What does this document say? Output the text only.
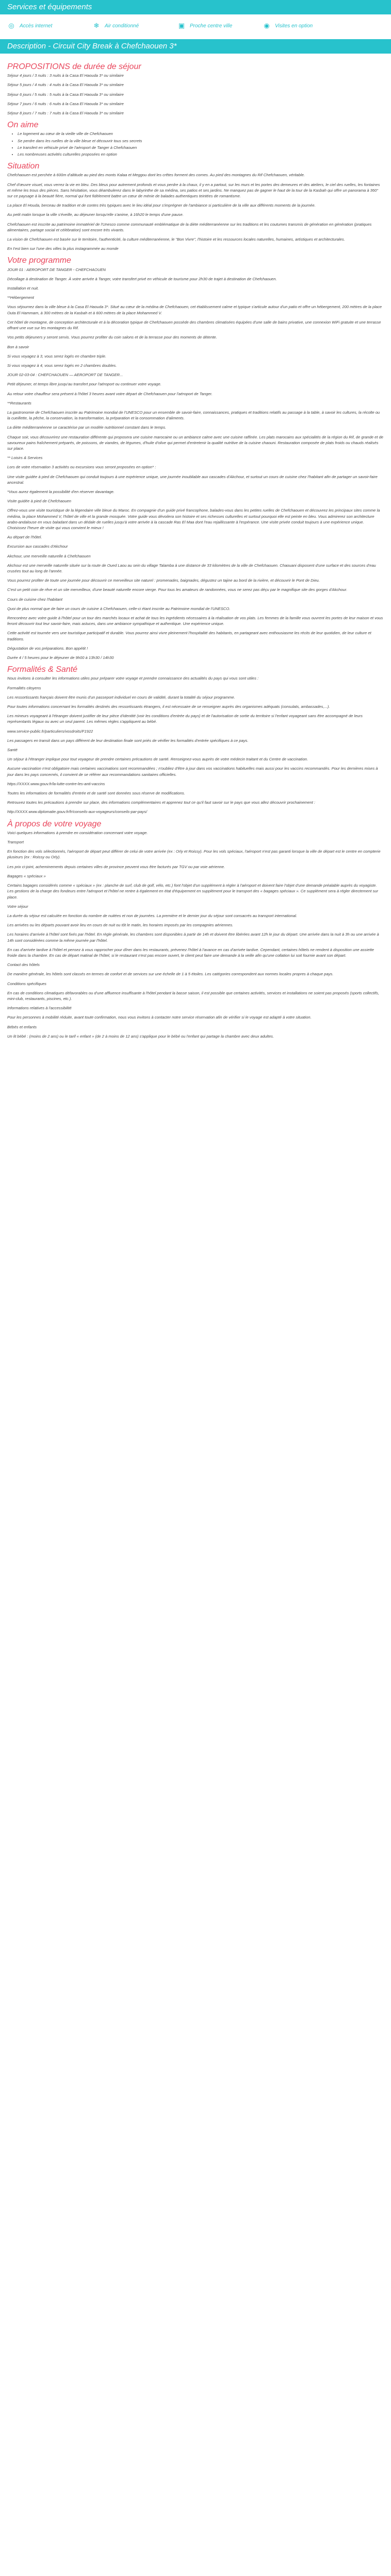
Services et équipements
◎ Accès internet	❄ Air conditionné	▣ Proche centre ville	◉ Visites en option
Description - Circuit City Break à Chefchaouen 3*
PROPOSITIONS de durée de séjour

Séjour 4 jours / 3 nuits : 3 nuits à la Casa El Haouda 3* ou similaire

Séjour 5 jours / 4 nuits : 4 nuits à la Casa El Haouda 3* ou similaire

Séjour 6 jours / 5 nuits : 5 nuits à la Casa El Haouda 3* ou similaire

Séjour 7 jours / 6 nuits : 6 nuits à la Casa El Haouda 3* ou similaire

Séjour 8 jours / 7 nuits : 7 nuits à la Casa El Haouda 3* ou similaire

On aime
• Le logement au cœur de la vieille ville de Chefchaouen
• Se perdre dans les ruelles de la ville bleue et découvrir tous ses secrets
• Le transfert en véhicule privé de l'aéroport de Tanger à Chefchaouen
• Les nombreuses activités culturelles proposées en option
Situation

Chefchaouen est perchée à 600m d'altitude au pied des monts Kalaa et Meggou dont les crêtes forment des cornes. Au pied des montagnes du Rif Chefchaouen, véritable.

Chef d'œuvre visuel, vous verrez la vie en bleu. Des bleus pour autrement profonds et vous perdre à la chaux, il y en a partout, sur les murs et les portes des demeures et des ateliers, le ciel des ruelles, les fontaines et même les trous des pièces. Sans hésitation, vous déambulerez dans le labyrinthe de sa médina, ses patios et ses jardins. Ne manquez pas de gagner le haut de la tour de la Kasbah qui offre un panorama à 360° sur ce paysage à la beauté fière, normal qui font fidèlement battre un cœur de ménie de balades authentiques teintées de romantisme.

La place El Houda, berceau de tradition et de contes très typiques avec le lieu idéal pour s'imprégner de l'ambiance si particulière de la ville aux différents moments de la journée.

Au petit matin lorsque la ville s'éveille, au déjeuner lorsqu'elle s'anime, à 16h20 le temps d'une pause.

Chefchaouen est inscrite au patrimoine immatériel de l'Unesco comme communauté emblématique de la diète méditerranéenne sur les traditions et les coutumes transmis de génération en génération (pratiques alimentaires, partage social et célébration) sont encore très vivants.

La vision de Chefchaouen est basée sur le territoire, l'authenticité, la culture méditerranéenne, le "Bon Vivre", l'histoire et les ressources locales naturelles, humaines, artistiques et architecturales.

En t'est bien sur l'une des villes la plus instagrammée au monde

Votre programme

JOUR 01 : AEROPORT DE TANGER - CHEFCHAOUEN

Décollage à destination de Tanger. À votre arrivée à Tanger, votre transfert privé en véhicule de tourisme pour 2h30 de trajet à destination de Chefchaouen.

Installation et nuit.

**Hébergement

Vous séjournez dans la ville bleue à la Casa El Haouda 3*. Situé au cœur de la médina de Chefchaouen, cet établissement calme et typique s'articule autour d'un patio et offre un hébergement, 200 mètres de la place Outa El Hammam, à 300 mètres de la Kasbah et à 600 mètres de la place Mohammed V.

Cet hôtel de montagne, de conception architecturale et à la décoration typique de Chefchaouen possède des chambres climatisées équipées d'une salle de bains privative, une connexion WiFi gratuite et une terrasse offrant une vue sur les montagnes du Rif.

Vos petits déjeuners y seront servis. Vous pourrez profiter du coin salons et de la terrasse pour des moments de détente.

Bon à savoir

Si vous voyagez à 3, vous serez logés en chambre triple.

Si vous voyagez à 4, vous serez logés en 2 chambres doubles.

JOUR 02-03-04 : CHEFCHAOUEN — AEROPORT DE TANGER...

Petit déjeuner, et temps libre jusqu'au transfert pour l'aéroport ou continuer votre voyage.

Au retour votre chauffeur sera présent à l'hôtel 3 heures avant votre départ de Chefchaouen pour l'aéroport de Tanger.

**Restaurants

La gastronomie de Chefchaouen inscrite au Patrimoine mondial de l'UNESCO pour un ensemble de savoir-faire, connaissances, pratiques et traditions relatifs au passage à la table, à savoir les cultures, la récolte ou la cueillette, la pêche, la conservation, la transformation, la préparation et la consommation d'aliments.

La diète méditerranéenne se caractérise par un modèle nutritionnel constant dans le temps.

Chaque soir, vous découvrirez une restauration différente qui proposera une cuisine marocaine ou un ambiance calme avec une cuisine raffinée. Les plats marocains aux spécialités de la région du Rif, de grande et de savoureux pains fraîchement préparés, de poissons, de viandes, de légumes, d'huile d'olive qui permet d'entretenir la qualité nutritive de la cuisine chaouni. Restauration composée de plats froids ou chauds réalisés sur place.

** Loisirs & Services

Lors de votre réservation 3 activités ou excursions vous seront proposées en option* :

Une visite guidée à pied de Chefchaouen qui conduit toujours à une expérience unique, une journée inoubliable aux cascades d'Akchour, et surtout un cours de cuisine chez l'habitant afin de partager un savoir-faire ancestral.

*Vous aurez également la possibilité d'en réserver davantage.

Visite guidée à pied de Chefchaouen

Offrez-vous une visite touristique de la légendaire ville bleue du Maroc. En compagnie d'un guide privé francophone, balades-vous dans les petites ruelles de Chefchaouen et découvrez les principaux sites comme la médina, la place Mohammed V, l'hôtel de ville et la grande mosquée. Votre guide vous dévoilera son histoire et ses richesses culturelles et surtout pourquoi elle est peinte en bleu. Vous admirerez son architecture arabo-andalouse en vous baladant dans un dédale de ruelles jusqu'à votre arrivée à la cascade Ras El Maa dont l'eau rejaillissante à l'espérance. Une visite privée conduit toujours à une expérience unique. Choisissez l'heure de visite qui vous convient le mieux !

Au départ de l'hôtel.

Excursion aux cascades d'Akchour

Akchour, une merveille naturelle à Chefchaouen

Akchour est une merveille naturelle située sur la route de Oued Laou au sein du village Talamba à une distance de 33 kilomètres de la ville de Chefchaouen. Chaouani disposent d'une surface et des sources d'eau crusées tout au long de l'année.

Vous pourrez profiter de toute une journée pour découvrir ce merveilleux site naturel : promenades, baignades, dégustez un tajine au bord de la rivière, et découvrir le Pont de Dieu.

C'est un petit coin de rêve et un site merveilleux, d'une beauté naturelle encore vierge. Pour tous les amateurs de randonnées, vous ne serez pas déçu par le magnifique site des gorges d'Akchour.

Cours de cuisine chez l'habitant

Quoi de plus normal que de faire un cours de cuisine à Chefchaouen, celle-ci étant inscrite au Patrimoine mondial de l'UNESCO.

Rencontrez avec votre guide à l'hôtel pour un tour des marchés locaux et achat de tous les ingrédients nécessaires à la réalisation de vos plats. Les femmes de la famille vous ouvrent les portes de leur maison et vous feront découvrir tout leur savoir-faire, mais astuces, dans une ambiance sympathique et authentique. Une expérience unique.

Cette activité est tournée vers une touristique participatif et durable. Vous pourrez ainsi vivre pleinement l'hospitalité des habitants, en partageant avec enthousiasme les récits de leur quotidien, de leur culture et traditions.

Dégustation de vos préparations. Bon appétit !

Durée 4 / 5 heures pour le déjeuner de 9h00 à 13h30 / 14h30

Formalités & Santé

Nous invitons à consulter les informations utiles pour préparer votre voyage et prendre connaissance des actualités du pays qui vous sont utiles :

Formalités citoyens

Les ressortissants français doivent être munis d'un passeport individuel en cours de validité, durant la totalité du séjour programme.

Pour toutes informations concernant les formalités destinés des ressortissants étrangers, il est nécessaire de se renseigner auprès des organismes adéquats (consulats, ambassades,...).

Les mineurs voyageant à l'étranger doivent justifier de leur pièce d'identité (voir les conditions d'entrée du pays) et de l'autorisation de sortie du territoire si l'enfant voyageant sans être accompagné de leurs représentants légaux ou avec un seul parent. Les mêmes règles s'appliquent au bébé.

www.service-public.fr/particuliers/vosdroits/F1922

Les passagers en transit dans un pays différent de leur destination finale sont priés de vérifier les formalités d'entrée spécifiques à ce pays.

Santé

Un séjour à l'étranger implique pour tout voyageur de prendre certaines précautions de santé. Renseignez-vous auprès de votre médecin traitant et du Centre de vaccination.

Aucune vaccination n'est obligatoire mais certaines vaccinations sont recommandées ; n'oubliez d'être à jour dans vos vaccinations habituelles mais aussi pour les vaccins recommandés. Pour les dernières mises à jour dans les pays concernés, il convient de se référer aux recommandations sanitaires officielles.

https://XXXX.www.gouv.fr/la-lutte-contre-les-anti-vaccins

Toutes les informations de formalités d'entrée et de santé sont données sous réserve de modifications.

Retrouvez toutes les précautions à prendre sur place, des informations complémentaires et apprenez tout ce qu'il faut savoir sur le pays que vous allez découvrir prochainement :

http://XXXX.www.diplomatie.gouv.fr/fr/conseils-aux-voyageurs/conseils-par-pays/

À propos de votre voyage

Voici quelques informations à prendre en considération concernant votre voyage.

Transport

En fonction des vols sélectionnés, l'aéroport de départ peut différer de celui de votre arrivée (ex : Orly et Roissy). Pour les vols spéciaux, l'aéroport n'est pas garanti lorsque la ville de départ est le centre en compterie plusieurs (ex : Roissy ou Orly).

Les prix ci-joint, acheminements depuis certaines villes de province peuvent vous être facturés par TGV ou par voie aérienne.

Bagages « spéciaux »

Certains bagages considérés comme « spéciaux » (ex : planche de surf, club de golf, vélo, etc.) font l'objet d'un supplément à régler à l'aéroport et doivent faire l'objet d'une demande préalable auprès du voyagiste. Les gestions de la charge des fondeurs entre l'aéroport et l'hôtel ne rentre à également en état d'équipement en supplément pour le transport des « bagages spéciaux ». Ce supplément sera à régler directement sur place.

Votre séjour

La durée du séjour est calculée en fonction du nombre de nuitées et non de journées. La première et le dernier jour du séjour sont consacrés au transport international.

Les arrivées ou les départs pouvant avoir lieu en cours de nuit ou tôt le matin, les horaires imposés par les compagnies aériennes.

Les horaires d'arrivée à l'hôtel sont fixés par l'hôtel. En règle générale, les chambres sont disponibles à partir de 14h et doivent être libérées avant 12h le jour du départ. Une arrivée dans la nuit à 3h ou une arrivée à 14h sont considérées comme la même journée par l'hôtel.

En cas d'arrivée tardive à l'hôtel et pensez à vous rapprocher pour dîner dans les restaurants, prévenez l'hôtel à l'avance en cas d'arrivée tardive. Cependant, certaines hôtels ne rendent à disposition une assiette froide dans la chambre. En cas de départ matinal de l'hôtel, si le restaurant n'est pas encore ouvert, le client peut faire une demande à la veille afin qu'une collation lui soit fournie avant son départ.

Contact des hôtels

De manière générale, les hôtels sont classés en termes de confort et de services sur une échelle de 1 à 5 étoiles. Les catégories correspondent aux normes locales propres à chaque pays.

Conditions spécifiques

En cas de conditions climatiques défavorables ou d'une affluence insuffisante à l'hôtel pendant la basse saison, il est possible que certaines activités, services et installations ne soient pas proposés (sports collectifs, mini-club, restaurants, piscines, etc.).

Informations relatives à l'accessibilité

Pour les personnes à mobilité réduite, avant toute confirmation, nous vous invitons à contacter notre service réservation afin de vérifier si le voyage est adapté à votre situation.

Bébés et enfants

Un lit bébé : (moins de 2 ans) ou le tarif « enfant » (de 2 à moins de 12 ans) s'applique pour le bébé ou l'enfant qui partage la chambre avec deux adultes.
